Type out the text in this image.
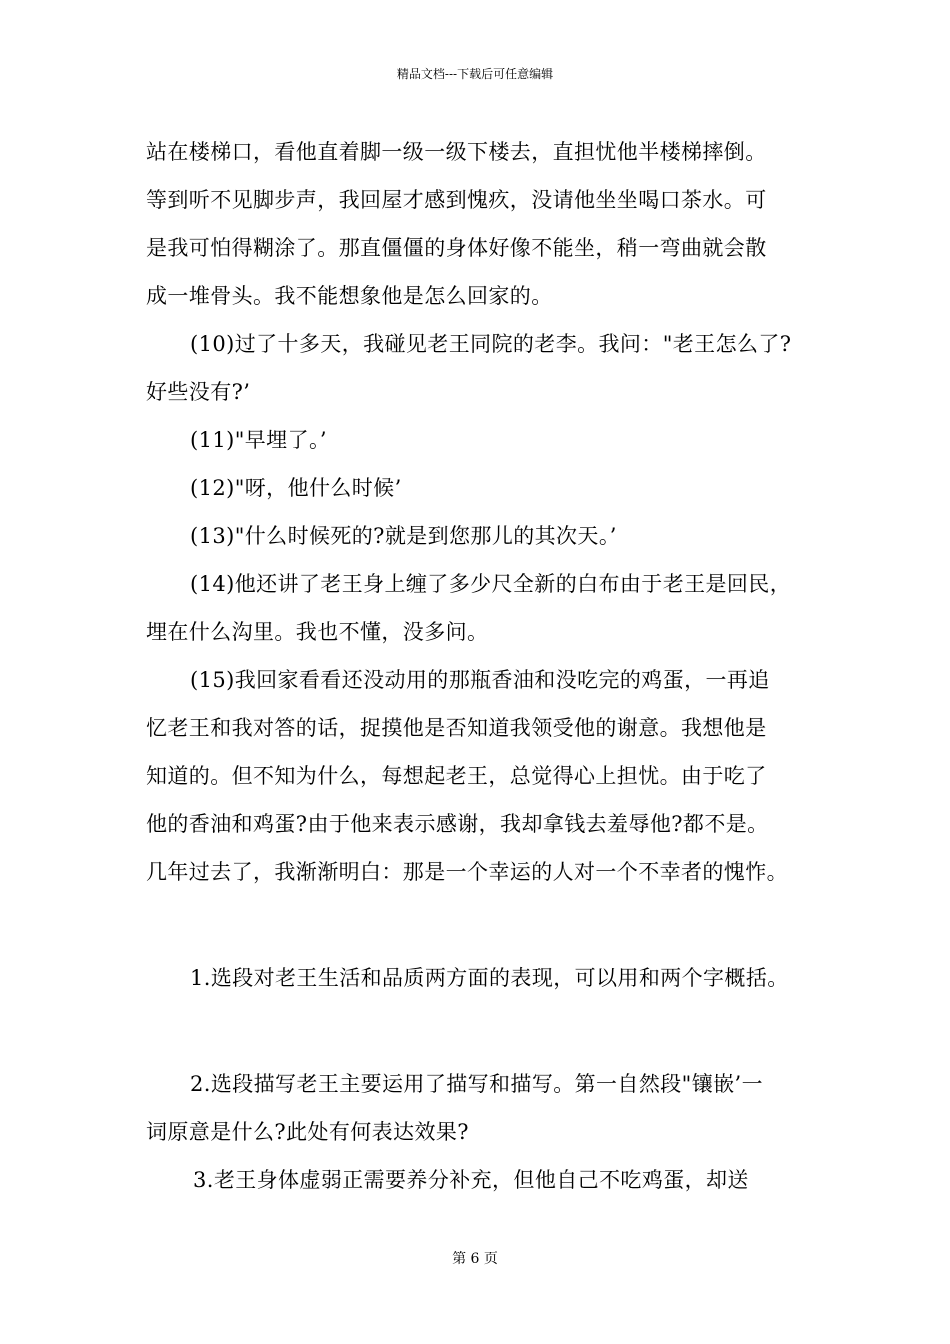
精品文档---下载后可任意编辑
站在楼梯口，看他直着脚一级一级下楼去，直担忧他半楼梯摔倒。
等到听不见脚步声，我回屋才感到愧疚，没请他坐坐喝口茶水。可
是我可怕得糊涂了。那直僵僵的身体好像不能坐，稍一弯曲就会散
成一堆骨头。我不能想象他是怎么回家的。
(10)过了十多天，我碰见老王同院的老李。我问："老王怎么了?
好些没有?’
(11)"早埋了。’
(12)"呀，他什么时候’
(13)"什么时候死的?就是到您那儿的其次天。’
(14)他还讲了老王身上缠了多少尺全新的白布由于老王是回民，
埋在什么沟里。我也不懂，没多问。
(15)我回家看看还没动用的那瓶香油和没吃完的鸡蛋，一再追
忆老王和我对答的话，捉摸他是否知道我领受他的谢意。我想他是
知道的。但不知为什么，每想起老王，总觉得心上担忧。由于吃了
他的香油和鸡蛋?由于他来表示感谢，我却拿钱去羞辱他?都不是。
几年过去了，我渐渐明白：那是一个幸运的人对一个不幸者的愧怍。
1.选段对老王生活和品质两方面的表现，可以用和两个字概括。
2.选段描写老王主要运用了描写和描写。第一自然段"镶嵌’一
词原意是什么?此处有何表达效果?
3.老王身体虚弱正需要养分补充，但他自己不吃鸡蛋，却送
第 6 页
